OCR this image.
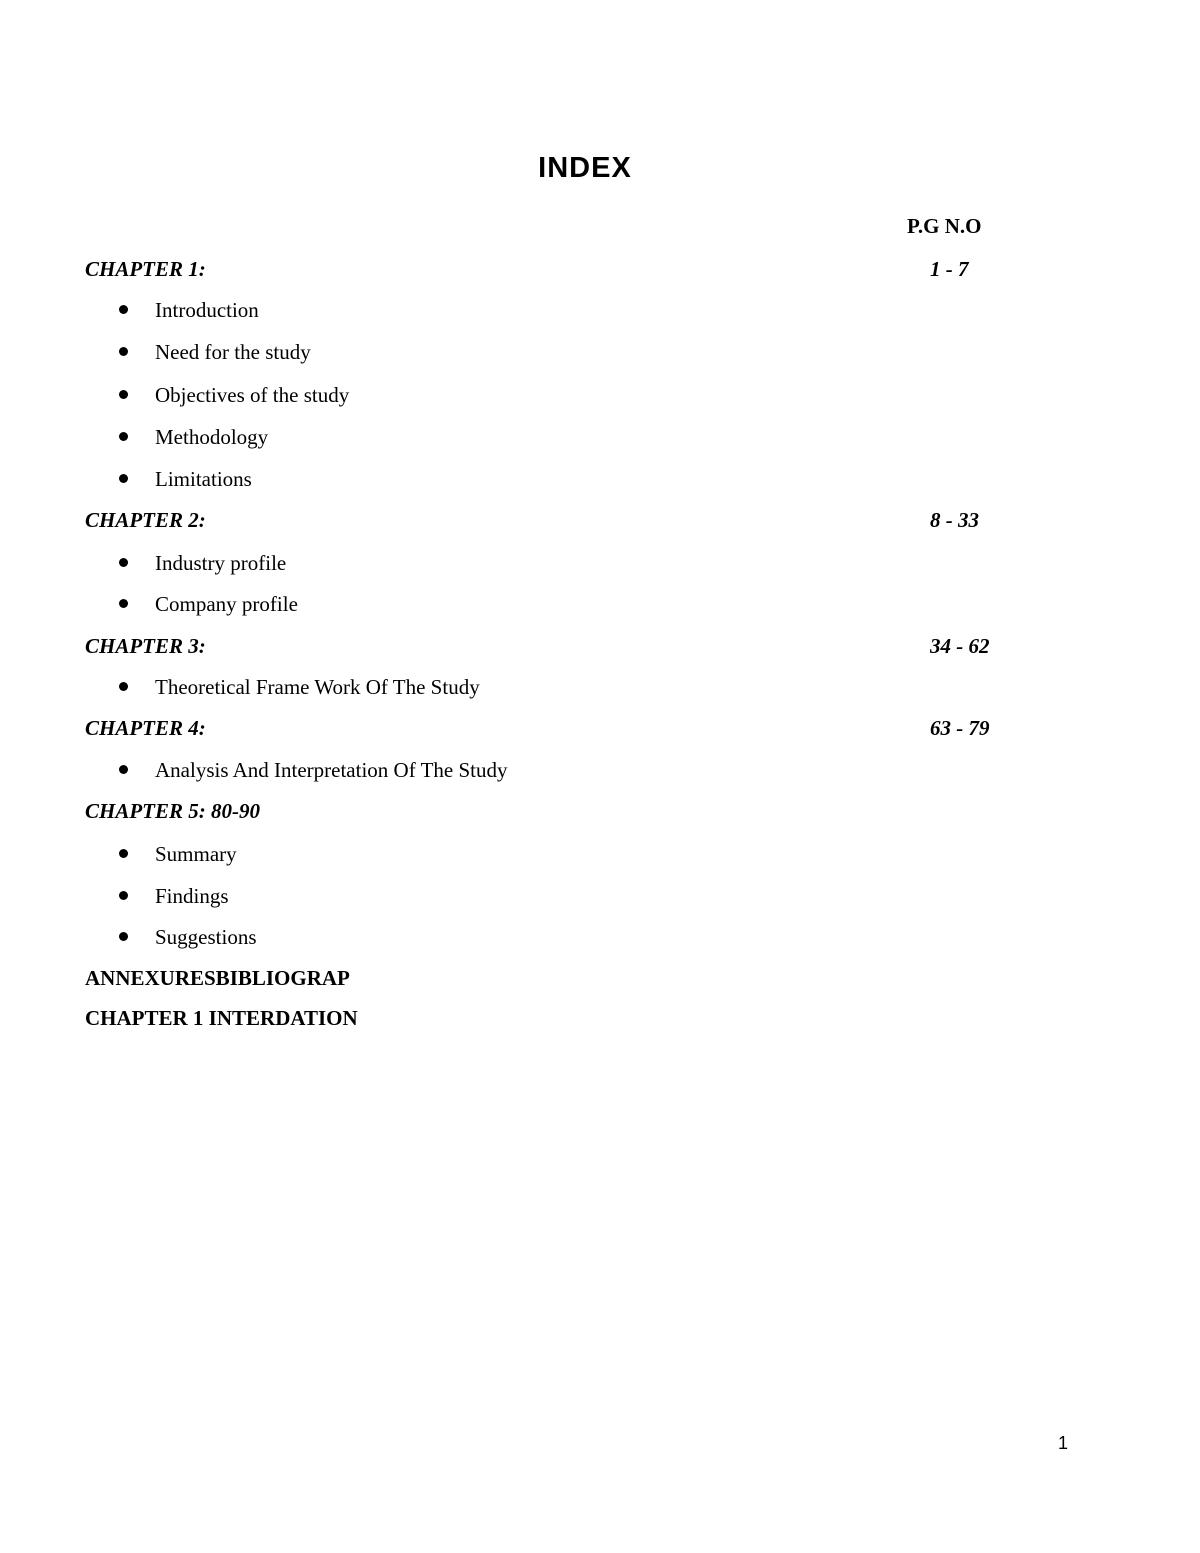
INDEX
P.G N.O
CHAPTER 1:	1 - 7
Introduction
Need for the study
Objectives of the study
Methodology
Limitations
CHAPTER 2:	8 - 33
Industry profile
Company profile
CHAPTER 3:	34 - 62
Theoretical Frame Work Of The Study
CHAPTER 4:	63 - 79
Analysis And Interpretation Of The Study
CHAPTER 5: 80-90
Summary
Findings
Suggestions
ANNEXURESBIBLIOGRAP
CHAPTER 1 INTERDATION
1
